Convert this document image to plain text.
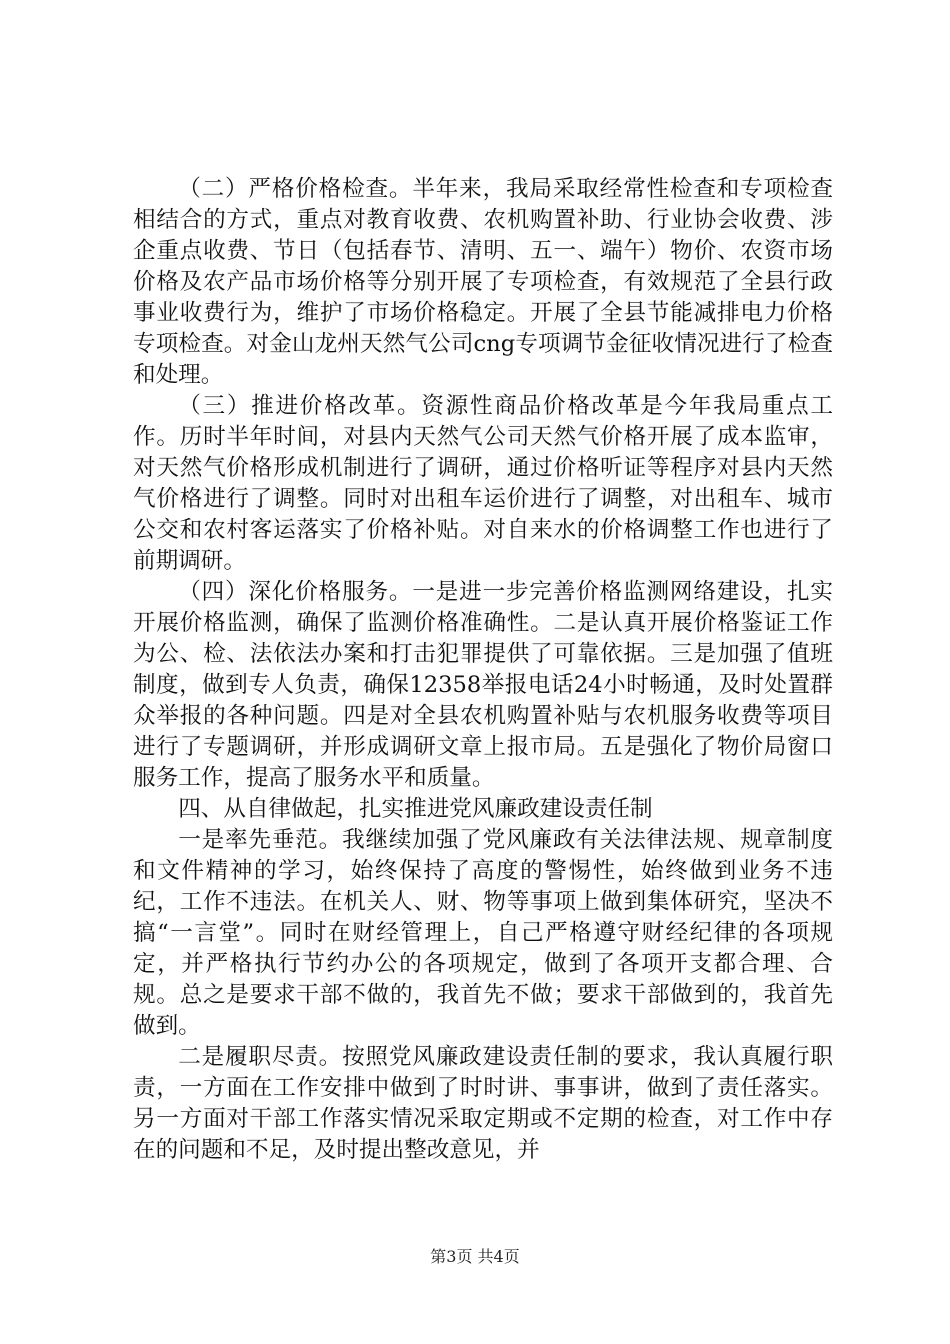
（二）严格价格检查。半年来，我局采取经常性检查和专项检查相结合的方式，重点对教育收费、农机购置补助、行业协会收费、涉企重点收费、节日（包括春节、清明、五一、端午）物价、农资市场价格及农产品市场价格等分别开展了专项检查，有效规范了全县行政事业收费行为，维护了市场价格稳定。开展了全县节能减排电力价格专项检查。对金山龙州天然气公司cng专项调节金征收情况进行了检查和处理。

（三）推进价格改革。资源性商品价格改革是今年我局重点工作。历时半年时间，对县内天然气公司天然气价格开展了成本监审，对天然气价格形成机制进行了调研，通过价格听证等程序对县内天然气价格进行了调整。同时对出租车运价进行了调整，对出租车、城市公交和农村客运落实了价格补贴。对自来水的价格调整工作也进行了前期调研。

（四）深化价格服务。一是进一步完善价格监测网络建设，扎实开展价格监测，确保了监测价格准确性。二是认真开展价格鉴证工作为公、检、法依法办案和打击犯罪提供了可靠依据。三是加强了值班制度，做到专人负责，确保12358举报电话24小时畅通，及时处置群众举报的各种问题。四是对全县农机购置补贴与农机服务收费等项目进行了专题调研，并形成调研文章上报市局。五是强化了物价局窗口服务工作，提高了服务水平和质量。

四、从自律做起，扎实推进党风廉政建设责任制

一是率先垂范。我继续加强了党风廉政有关法律法规、规章制度和文件精神的学习，始终保持了高度的警惕性，始终做到业务不违纪，工作不违法。在机关人、财、物等事项上做到集体研究，坚决不搞“一言堂”。同时在财经管理上，自己严格遵守财经纪律的各项规定，并严格执行节约办公的各项规定，做到了各项开支都合理、合规。总之是要求干部不做的，我首先不做；要求干部做到的，我首先做到。

二是履职尽责。按照党风廉政建设责任制的要求，我认真履行职责，一方面在工作安排中做到了时时讲、事事讲，做到了责任落实。另一方面对干部工作落实情况采取定期或不定期的检查，对工作中存在的问题和不足，及时提出整改意见，并

第3页 共4页
